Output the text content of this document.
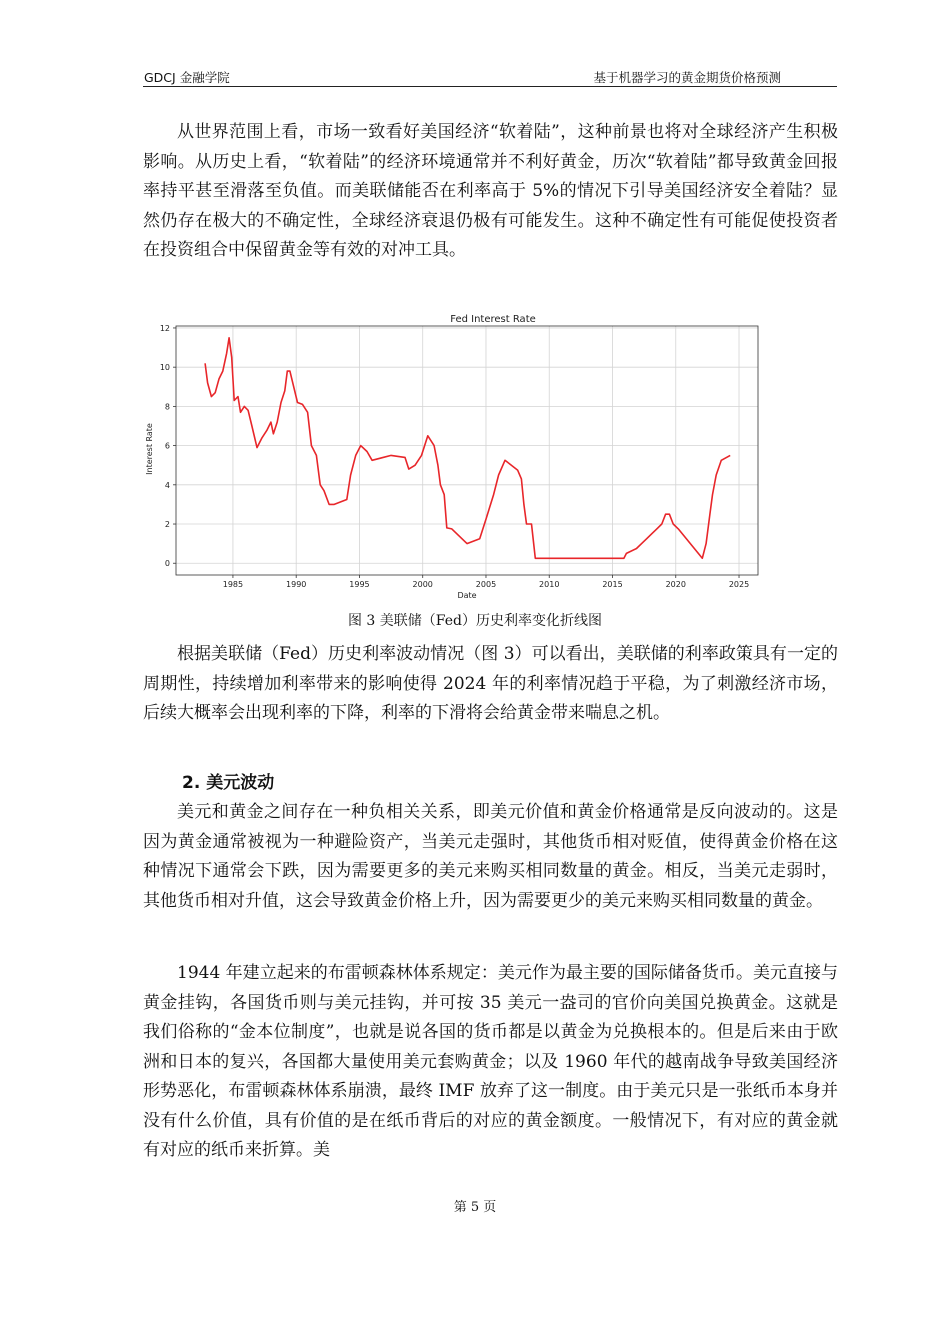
GDCJ 金融学院	基于机器学习的黄金期货价格预测

从世界范围上看，市场一致看好美国经济“软着陆”，这种前景也将对全球经济产生积极影响。从历史上看，“软着陆”的经济环境通常并不利好黄金，历次“软着陆”都导致黄金回报率持平甚至滑落至负值。而美联储能否在利率高于 5%的情况下引导美国经济安全着陆？显然仍存在极大的不确定性，全球经济衰退仍极有可能发生。这种不确定性有可能促使投资者在投资组合中保留黄金等有效的对冲工具。

1985	1990	1995	2000	2005	2010	2015	2020	2025
0
2
4
6
8
10
12
Fed Interest Rate
Date
Interest Rate
图 3 美联储（Fed）历史利率变化折线图

根据美联储（Fed）历史利率波动情况（图 3）可以看出，美联储的利率政策具有一定的周期性，持续增加利率带来的影响使得 2024 年的利率情况趋于平稳，为了刺激经济市场，后续大概率会出现利率的下降，利率的下滑将会给黄金带来喘息之机。

2. 美元波动

美元和黄金之间存在一种负相关关系，即美元价值和黄金价格通常是反向波动的。这是因为黄金通常被视为一种避险资产，当美元走强时，其他货币相对贬值，使得黄金价格在这种情况下通常会下跌，因为需要更多的美元来购买相同数量的黄金。相反，当美元走弱时，其他货币相对升值，这会导致黄金价格上升，因为需要更少的美元来购买相同数量的黄金。

1944 年建立起来的布雷顿森林体系规定：美元作为最主要的国际储备货币。美元直接与黄金挂钩，各国货币则与美元挂钩，并可按 35 美元一盎司的官价向美国兑换黄金。这就是我们俗称的“金本位制度”，也就是说各国的货币都是以黄金为兑换根本的。但是后来由于欧洲和日本的复兴，各国都大量使用美元套购黄金；以及 1960 年代的越南战争导致美国经济形势恶化，布雷顿森林体系崩溃，最终 IMF 放弃了这一制度。由于美元只是一张纸币本身并没有什么价值，具有价值的是在纸币背后的对应的黄金额度。一般情况下，有对应的黄金就有对应的纸币来折算。美

第 5 页
